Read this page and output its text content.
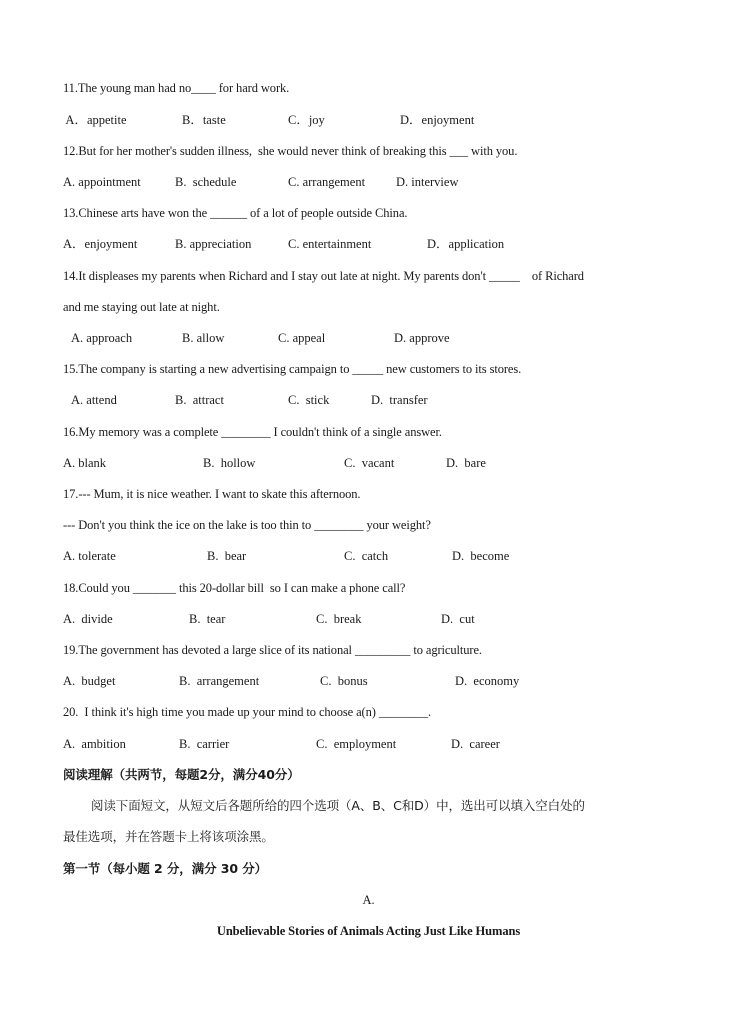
11.The young man had no____ for hard work.
A．appetite	B．taste	C．joy	D．enjoyment
12.But for her mother's sudden illness,  she would never think of breaking this ___ with you.
A. appointment	B.  schedule	C. arrangement D. interview
13.Chinese arts have won the ______ of a lot of people outside China.
A．enjoyment	B. appreciation	C. entertainment	D．application
14.It displeases my parents when Richard and I stay out late at night. My parents don't _____    of Richard
and me staying out late at night.
A. approach	B. allow	C. appeal	D. approve
15.The company is starting a new advertising campaign to _____ new customers to its stores.
A. attend	B.  attract	C.  stick	D.  transfer
16.My memory was a complete ________ I couldn't think of a single answer.
A. blank	B.  hollow	C.  vacant	D.  bare
17.--- Mum, it is nice weather. I want to skate this afternoon.
--- Don't you think the ice on the lake is too thin to ________ your weight?
A. tolerate	B.  bear	C.  catch	D.  become
18.Could you _______ this 20-dollar bill  so I can make a phone call?
A.  divide	B.  tear	C.  break	D.  cut
19.The government has devoted a large slice of its national _________ to agriculture.
A.  budget	B.  arrangement	C.  bonus	D.  economy
20.  I think it's high time you made up your mind to choose a(n) ________.
A.  ambition	B.  carrier	C.  employment	D.  career
阅读理解（共两节，每题2分，满分40分）
阅读下面短文，从短文后各题所给的四个选项（A、B、C和D）中，选出可以填入空白处的
最佳选项，并在答题卡上将该项涂黑。
第一节（每小题 2 分，满分 30 分）
A.
Unbelievable Stories of Animals Acting Just Like Humans
